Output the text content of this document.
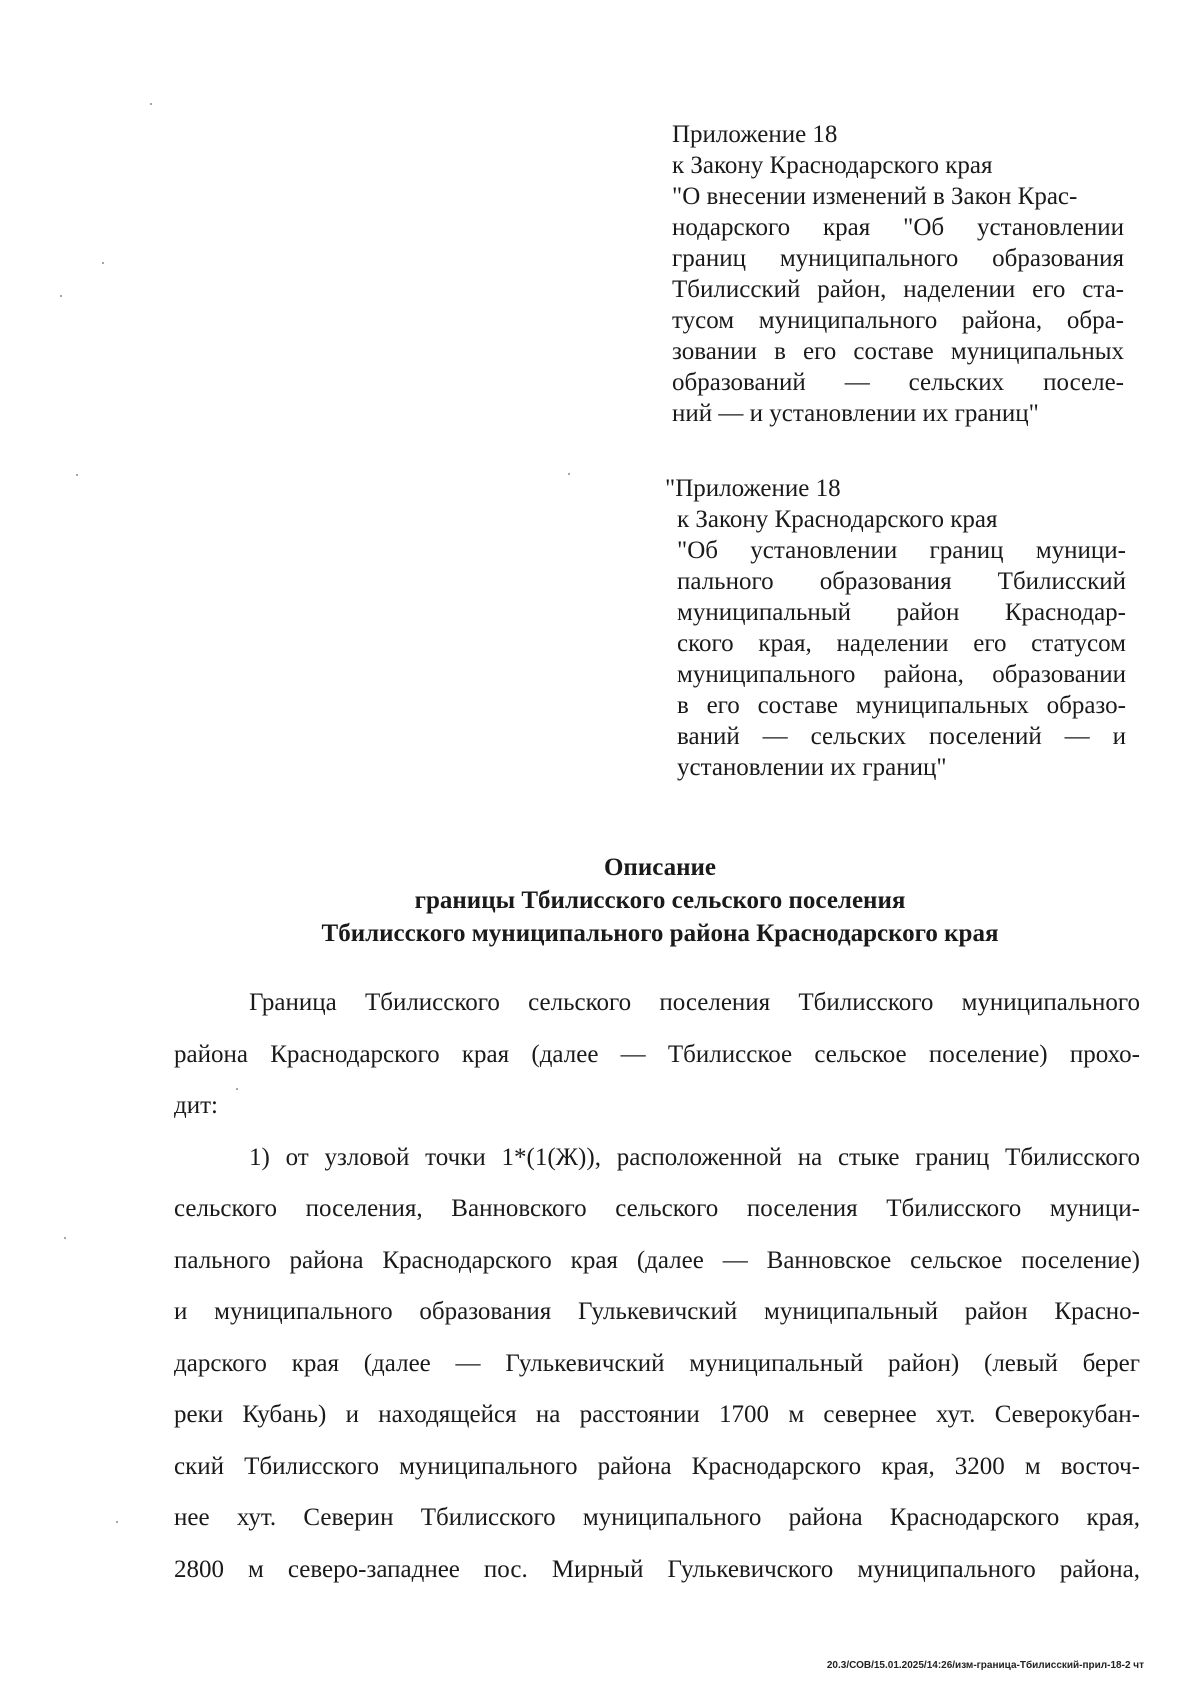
Приложение 18
к Закону Краснодарского края
"О внесении изменений в Закон Крас-
нодарского края "Об установлении
границ муниципального образования
Тбилисский район, наделении его ста-
тусом муниципального района, обра-
зовании в его составе муниципальных
образований — сельских поселе-
ний — и установлении их границ"
"Приложение 18
к Закону Краснодарского края
"Об установлении границ муници-
пального образования Тбилисский
муниципальный район Краснодар-
ского края, наделении его статусом
муниципального района, образовании
в его составе муниципальных образо-
ваний — сельских поселений — и
установлении их границ"
Описание
границы Тбилисского сельского поселения
Тбилисского муниципального района Краснодарского края
Граница Тбилисского сельского поселения Тбилисского муниципального
района Краснодарского края (далее — Тбилисское сельское поселение) прохо-
дит:
1) от узловой точки 1*(1(Ж)), расположенной на стыке границ Тбилисского
сельского поселения, Ванновского сельского поселения Тбилисского муници-
пального района Краснодарского края (далее — Ванновское сельское поселение)
и муниципального образования Гулькевичский муниципальный район Красно-
дарского края (далее — Гулькевичский муниципальный район) (левый берег
реки Кубань) и находящейся на расстоянии 1700 м севернее хут. Северокубан-
ский Тбилисского муниципального района Краснодарского края, 3200 м восточ-
нее хут. Северин Тбилисского муниципального района Краснодарского края,
2800 м северо-западнее пос. Мирный Гулькевичского муниципального района,
20.3/СОВ/15.01.2025/14:26/изм-граница-Тбилисский-прил-18-2 чт
